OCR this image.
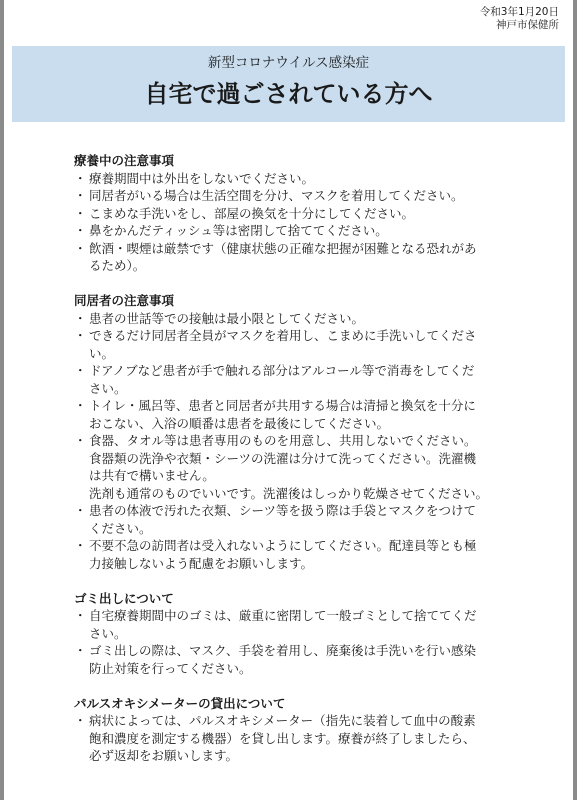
令和3年1月20日
神戸市保健所
新型コロナウイルス感染症
自宅で過ごされている方へ
療養中の注意事項
・ 療養期間中は外出をしないでください。
・ 同居者がいる場合は生活空間を分け、マスクを着用してください。
・ こまめな手洗いをし、部屋の換気を十分にしてください。
・ 鼻をかんだティッシュ等は密閉して捨ててください。
・ 飲酒・喫煙は厳禁です（健康状態の正確な把握が困難となる恐れがあ
るため）。
同居者の注意事項
・ 患者の世話等での接触は最小限としてください。
・ できるだけ同居者全員がマスクを着用し、こまめに手洗いしてくださ
い。
・ ドアノブなど患者が手で触れる部分はアルコール等で消毒をしてくだ
さい。
・ トイレ・風呂等、患者と同居者が共用する場合は清掃と換気を十分に
おこない、入浴の順番は患者を最後にしてください。
・ 食器、タオル等は患者専用のものを用意し、共用しないでください。
食器類の洗浄や衣類・シーツの洗濯は分けて洗ってください。洗濯機
は共有で構いません。
洗剤も通常のものでいいです。洗濯後はしっかり乾燥させてください。
・ 患者の体液で汚れた衣類、シーツ等を扱う際は手袋とマスクをつけて
ください。
・ 不要不急の訪問者は受入れないようにしてください。配達員等とも極
力接触しないよう配慮をお願いします。
ゴミ出しについて
・ 自宅療養期間中のゴミは、厳重に密閉して一般ゴミとして捨ててくだ
さい。
・ ゴミ出しの際は、マスク、手袋を着用し、廃棄後は手洗いを行い感染
防止対策を行ってください。
パルスオキシメーターの貸出について
・ 病状によっては、パルスオキシメーター（指先に装着して血中の酸素
飽和濃度を測定する機器）を貸し出します。療養が終了しましたら、
必ず返却をお願いします。
